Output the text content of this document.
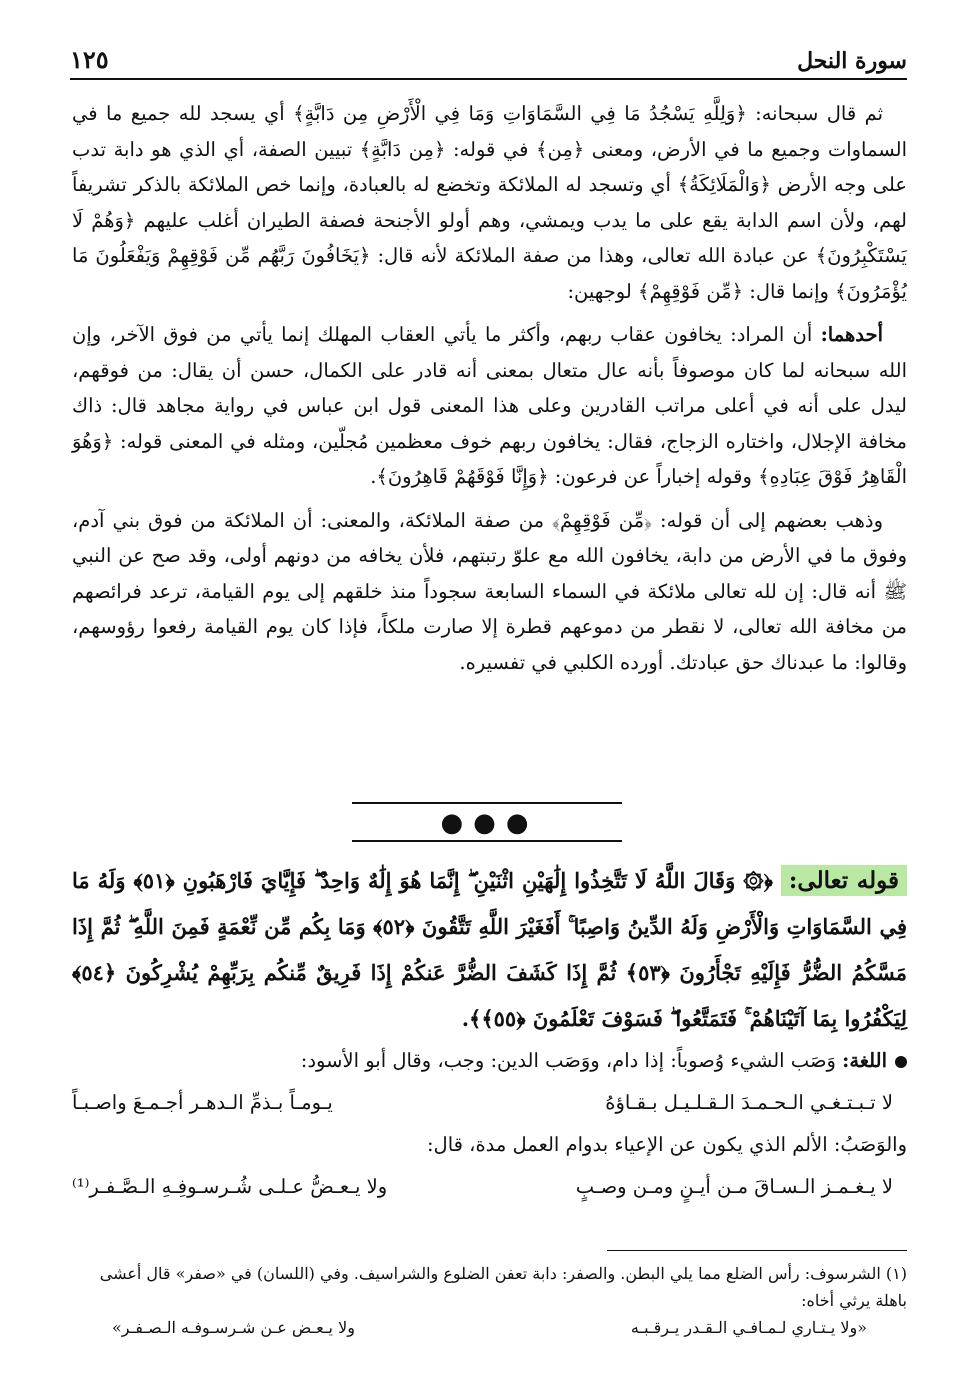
سورة النحل
١٢٥

ثم قال سبحانه: ﴿وَلِلَّهِ يَسْجُدُ مَا فِي السَّمَاوَاتِ وَمَا فِي الْأَرْضِ مِن دَابَّةٍ﴾ أي يسجد لله جميع ما في السماوات وجميع ما في الأرض، ومعنى ﴿مِن﴾ في قوله: ﴿مِن دَابَّةٍ﴾ تبيين الصفة، أي الذي هو دابة تدب على وجه الأرض ﴿وَالْمَلَائِكَةُ﴾ أي وتسجد له الملائكة وتخضع له بالعبادة، وإنما خص الملائكة بالذكر تشريفاً لهم، ولأن اسم الدابة يقع على ما يدب ويمشي، وهم أولو الأجنحة فصفة الطيران أغلب عليهم ﴿وَهُمْ لَا يَسْتَكْبِرُونَ﴾ عن عبادة الله تعالى، وهذا من صفة الملائكة لأنه قال: ﴿يَخَافُونَ رَبَّهُم مِّن فَوْقِهِمْ وَيَفْعَلُونَ مَا يُؤْمَرُونَ﴾ وإنما قال: ﴿مِّن فَوْقِهِمْ﴾ لوجهين:

أحدهما: أن المراد: يخافون عقاب ربهم، وأكثر ما يأتي العقاب المهلك إنما يأتي من فوق الآخر، وإن الله سبحانه لما كان موصوفاً بأنه عال متعال بمعنى أنه قادر على الكمال، حسن أن يقال: من فوقهم، ليدل على أنه في أعلى مراتب القادرين وعلى هذا المعنى قول ابن عباس في رواية مجاهد قال: ذاك مخافة الإجلال، واختاره الزجاج، فقال: يخافون ربهم خوف معظمين مُجلّين، ومثله في المعنى قوله: ﴿وَهُوَ الْقَاهِرُ فَوْقَ عِبَادِهِ﴾ وقوله إخباراً عن فرعون: ﴿وَإِنَّا فَوْقَهُمْ قَاهِرُونَ﴾.

وذهب بعضهم إلى أن قوله: ﴿مِّن فَوْقِهِمْ﴾ من صفة الملائكة، والمعنى: أن الملائكة من فوق بني آدم، وفوق ما في الأرض من دابة، يخافون الله مع علوّ رتبتهم، فلأن يخافه من دونهم أولى، وقد صح عن النبي ﷺ أنه قال: إن لله تعالى ملائكة في السماء السابعة سجوداً منذ خلقهم إلى يوم القيامة، ترعد فرائصهم من مخافة الله تعالى، لا نقطر من دموعهم قطرة إلا صارت ملكاً، فإذا كان يوم القيامة رفعوا رؤوسهم، وقالوا: ما عبدناك حق عبادتك. أورده الكلبي في تفسيره.

●●●
قوله تعالى: ﴿۞ وَقَالَ اللَّهُ لَا تَتَّخِذُوا إِلَٰهَيْنِ اثْنَيْنِ ۖ إِنَّمَا هُوَ إِلَٰهٌ وَاحِدٌ ۖ فَإِيَّايَ فَارْهَبُونِ ﴿٥١﴾ وَلَهُ مَا فِي السَّمَاوَاتِ وَالْأَرْضِ وَلَهُ الدِّينُ وَاصِبًا ۚ أَفَغَيْرَ اللَّهِ تَتَّقُونَ ﴿٥٢﴾ وَمَا بِكُم مِّن نِّعْمَةٍ فَمِنَ اللَّهِ ۖ ثُمَّ إِذَا مَسَّكُمُ الضُّرُّ فَإِلَيْهِ تَجْأَرُونَ ﴿٥٣﴾ ثُمَّ إِذَا كَشَفَ الضُّرَّ عَنكُمْ إِذَا فَرِيقٌ مِّنكُم بِرَبِّهِمْ يُشْرِكُونَ ﴿٥٤﴾ لِيَكْفُرُوا بِمَا آتَيْنَاهُمْ ۚ فَتَمَتَّعُوا ۖ فَسَوْفَ تَعْلَمُونَ ﴿٥٥﴾﴾.
اللغة: وَصَب الشيء وُصوباً: إذا دام، ووَصَب الدين: وجب، وقال أبو الأسود:
لا تـبـتـغـي الـحـمـدَ الـقـلـيـل بـقـاؤهُ
يـومـاً بـذمِّ الـدهـر أجـمـعَ واصـبـاً
والوَصَبُ: الألم الذي يكون عن الإعياء بدوام العمل مدة، قال:
لا يـغـمـز الـسـاقَ مـن أيـنٍ ومـن وصـبٍ
ولا يـعـضُّ عـلـى شُـرسـوفِـهِ الـصَّـفـر⁽¹⁾
(١) الشرسوف: رأس الضلع مما يلي البطن. والصفر: دابة تعفن الضلوع والشراسيف. وفي (اللسان) في «صفر» قال أعشى باهلة يرثي أخاه:
«ولا يـتـاري لـمـافـي الـقـدر يـرقـبـه
ولا يـعـض عـن شـرسـوفـه الـصـفـر»
